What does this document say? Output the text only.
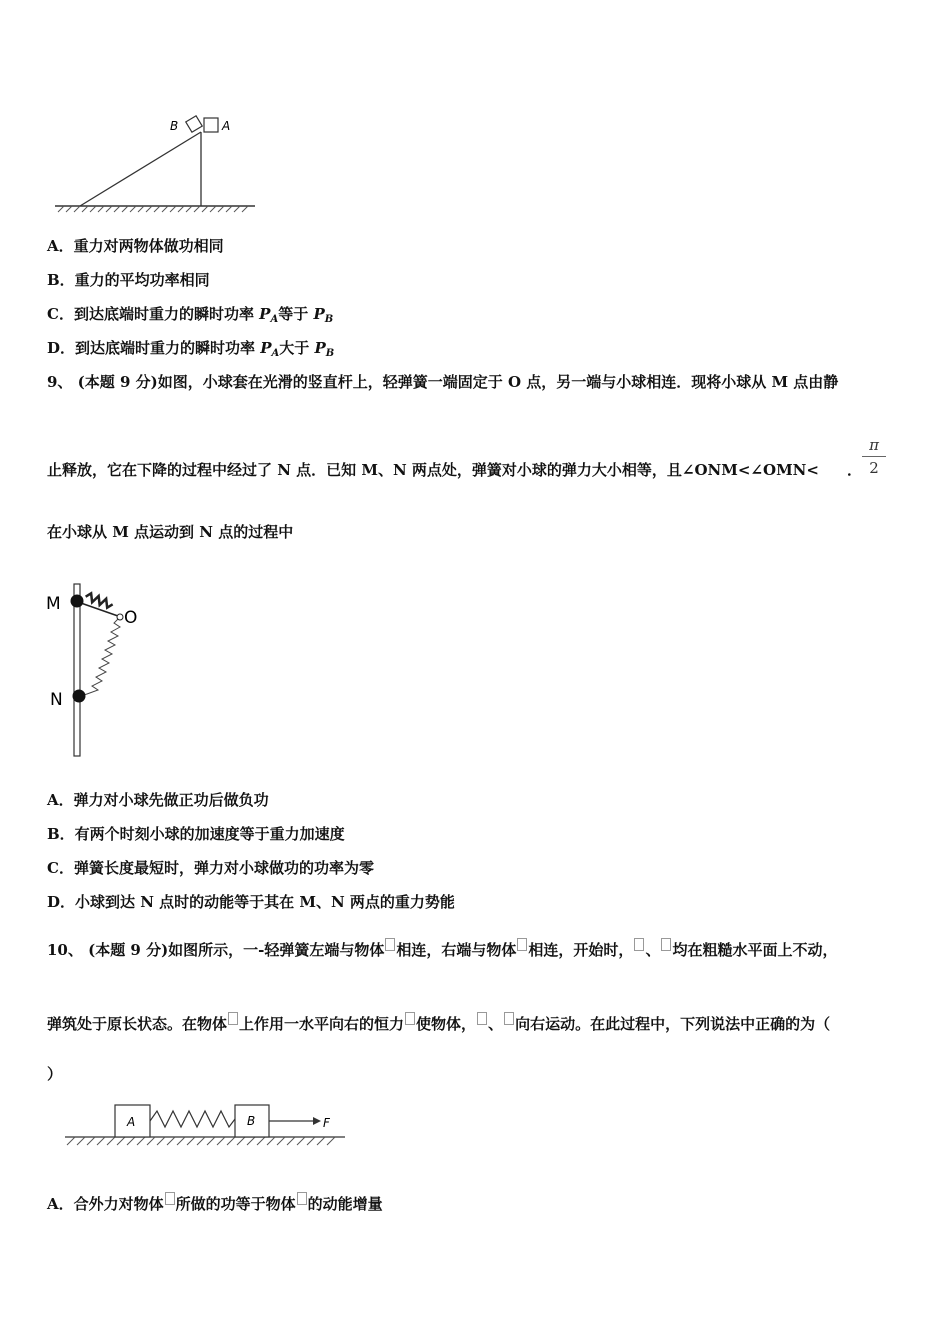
B	A
A．重力对两物体做功相同
B．重力的平均功率相同
C．到达底端时重力的瞬时功率 $P_A$等于 $P_B$
D．到达底端时重力的瞬时功率 $P_A$大于 $P_B$
9、 (本题 9 分)如图，小球套在光滑的竖直杆上，轻弹簧一端固定于 O 点，另一端与小球相连．现将小球从 M 点由静
止释放，它在下降的过程中经过了 N 点．已知 M、N 两点处，弹簧对小球的弹力大小相等，且∠ONM<∠OMN< ．
π
2
在小球从 M 点运动到 N 点的过程中
M
O
N
A．弹力对小球先做正功后做负功
B．有两个时刻小球的加速度等于重力加速度
C．弹簧长度最短时，弹力对小球做功的功率为零
D．小球到达 N 点时的动能等于其在 M、N 两点的重力势能
10、 (本题 9 分)如图所示，一-轻弹簧左端与物体 相连，右端与物体 相连，开始时， 、 均在粗糙水平面上不动，
弹筑处于原长状态。在物体 上作用一水平向右的恒力 使物体， 、 向右运动。在此过程中，下列说法中正确的为（
）
A	B	F
A．合外力对物体 所做的功等于物体 的动能增量
